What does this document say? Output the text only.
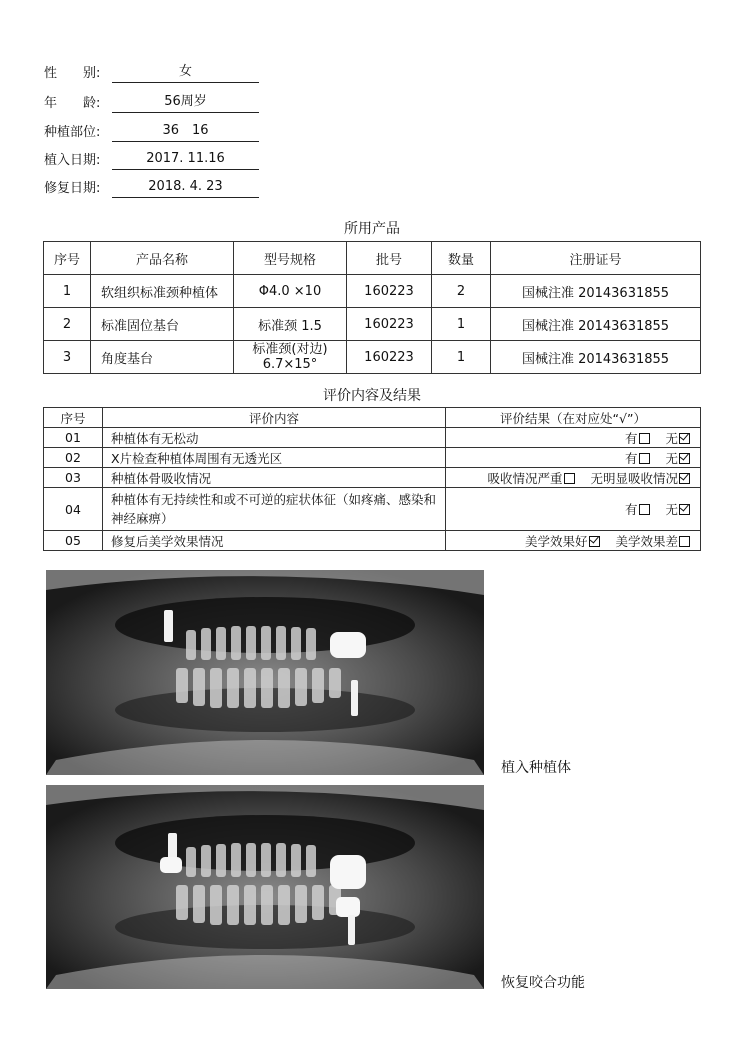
性　　别:	女
年　　龄:	56周岁
种植部位:	36　16
植入日期:	2017. 11.16
修复日期:	2018. 4. 23
所用产品
序号	产品名称	型号规格	批号	数量	注册证号
1	软组织标准颈种植体	Φ4.0 ×10	160223	2	国械注准 20143631855
2	标准固位基台	标准颈 1.5	160223	1	国械注准 20143631855
3	角度基台	标准颈(对边)
6.7×15°	160223	1	国械注准 20143631855
评价内容及结果
序号	评价内容	评价结果（在对应处“√”）
01	种植体有无松动	有 无
02	X片检查种植体周围有无透光区	有 无
03	种植体骨吸收情况	吸收情况严重 无明显吸收情况
04	种植体有无持续性和或不可逆的症状体征（如疼痛、感染和神经麻痹）	有 无
05	修复后美学效果情况	美学效果好 美学效果差
植入种植体
恢复咬合功能
